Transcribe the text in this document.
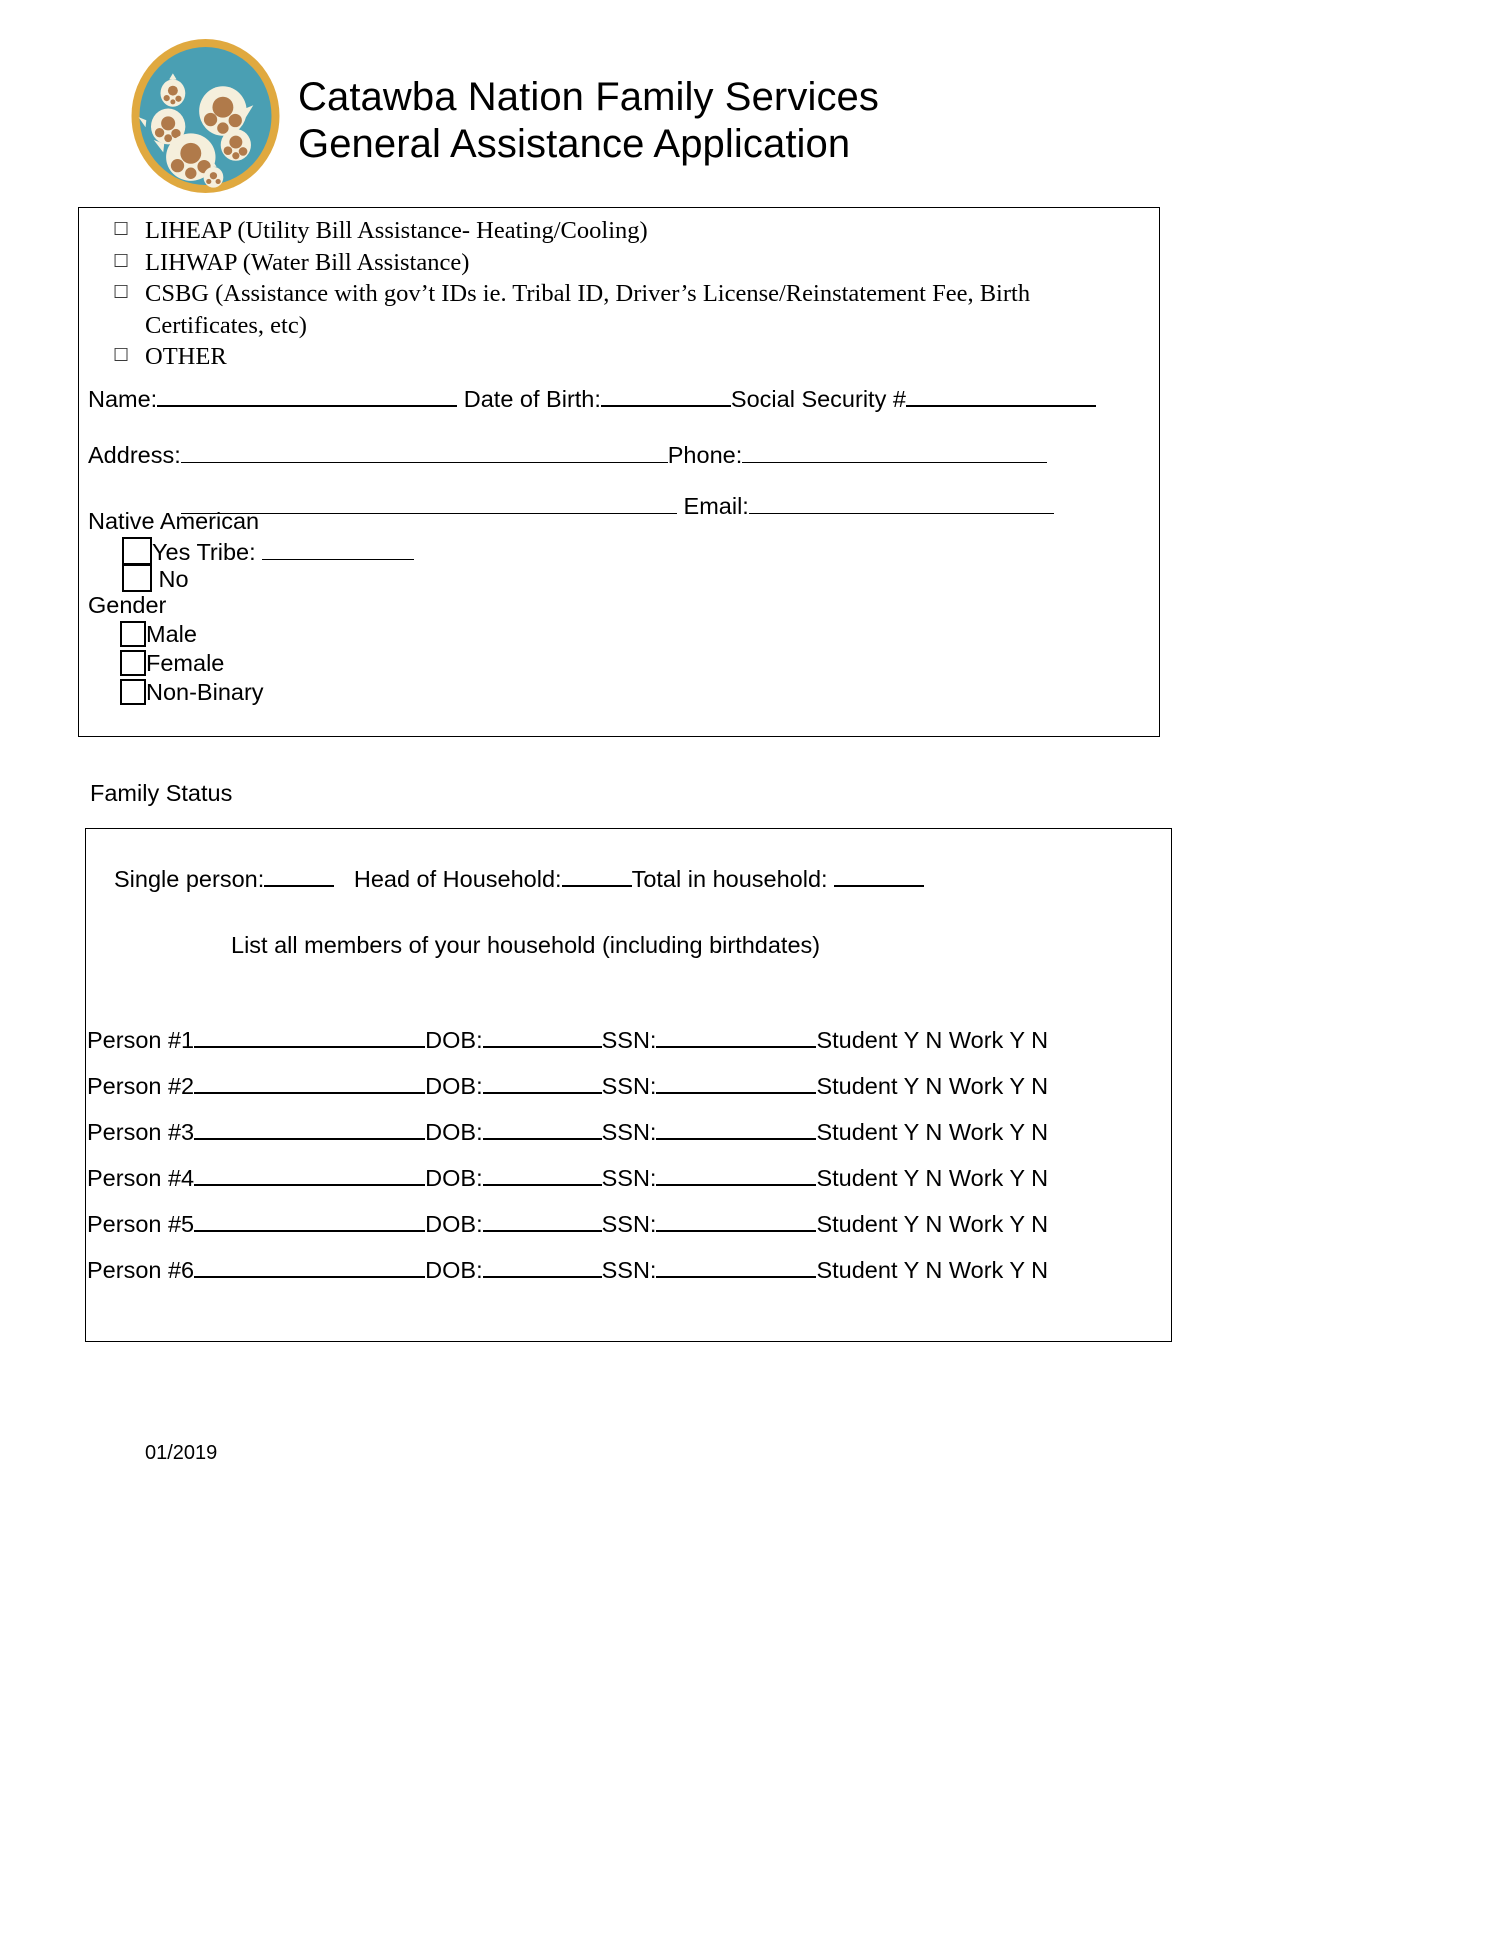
Catawba Nation Family Services
General Assistance Application
☐ LIHEAP (Utility Bill Assistance- Heating/Cooling)
☐ LIHWAP (Water Bill Assistance)
☐ CSBG (Assistance with gov’t IDs ie. Tribal ID, Driver’s License/Reinstatement Fee, Birth
Certificates, etc)
☐ OTHER
Name:	Date of Birth:	Social Security #
Address:	Phone:
Email:
Native American
Yes Tribe:
No
Gender
Male
Female
Non-Binary
Family Status
Single person:	Head of Household:	Total in household:
List all members of your household (including birthdates)
Person #1	DOB:	SSN:	Student Y N Work Y N
Person #2	DOB:	SSN:	Student Y N Work Y N
Person #3	DOB:	SSN:	Student Y N Work Y N
Person #4	DOB:	SSN:	Student Y N Work Y N
Person #5	DOB:	SSN:	Student Y N Work Y N
Person #6	DOB:	SSN:	Student Y N Work Y N
01/2019
